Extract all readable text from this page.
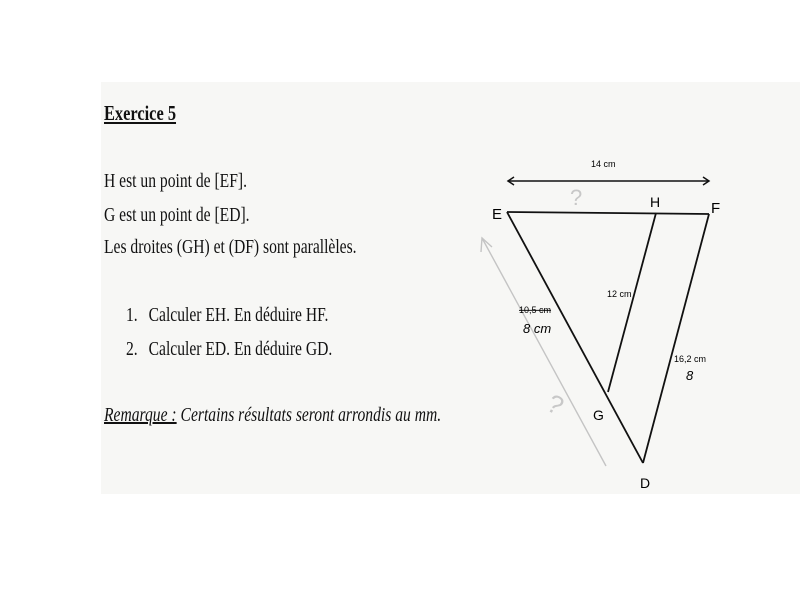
Exercice 5
H est un point de [EF].
G est un point de [ED].
Les droites (GH) et (DF) sont parallèles.
1. Calculer EH. En déduire HF.
2. Calculer ED. En déduire GD.
Remarque : Certains résultats seront arrondis au mm.
E
H	F
G
D
14 cm
12 cm
10,5 cm
8 cm
16,2 cm
8
?
?
